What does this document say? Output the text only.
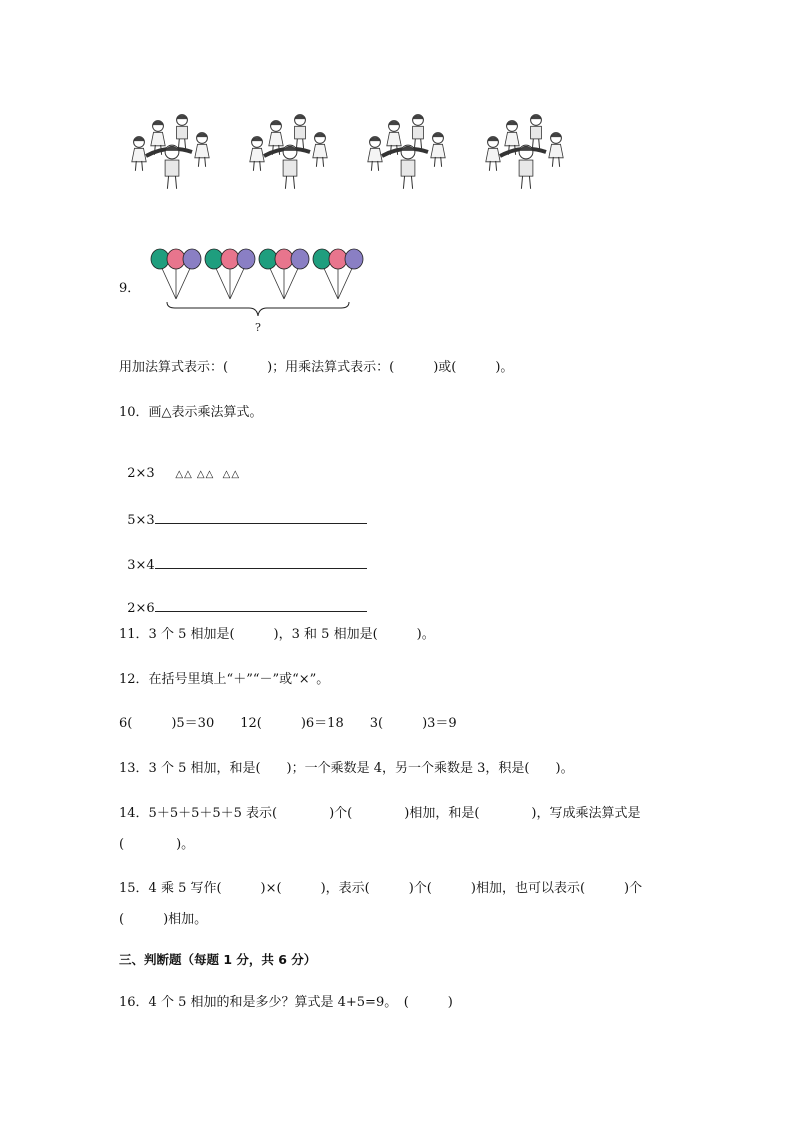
9．
?
用加法算式表示：(　　　)；用乘法算式表示：(　　　)或(　　　)。
10．画△表示乘法算式。

2×3 △△ △△  △△

5×3

3×4

2×6

11．3 个 5 相加是(　　　)，3 和 5 相加是(　　　)。
12．在括号里填上“＋”“－”或“×”。
6(　　　)5＝30　　12(　　　)6＝18　　3(　　　)3＝9
13．3 个 5 相加，和是(　　)；一个乘数是 4，另一个乘数是 3，积是(　　)。
14．5＋5＋5＋5＋5 表示(　　　　)个(　　　　)相加，和是(　　　　)，写成乘法算式是
(　　　　)。
15．4 乘 5 写作(　　　)×(　　　)，表示(　　　)个(　　　)相加，也可以表示(　　　)个
(　　　)相加。
三、判断题（每题 1 分，共 6 分）
16．4 个 5 相加的和是多少？算式是 4+5=9。　(　　　)
